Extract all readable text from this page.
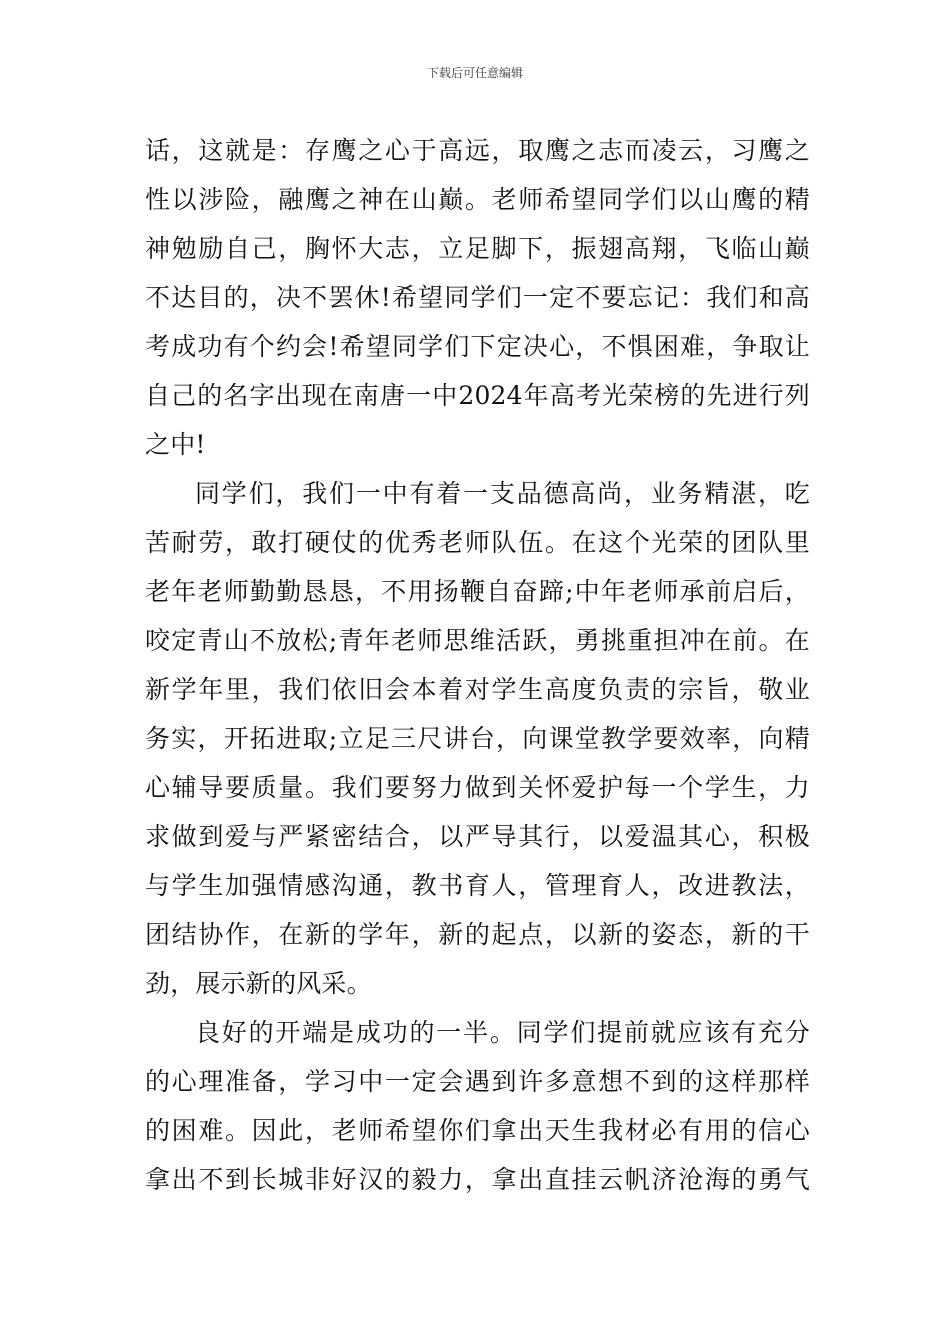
下载后可任意编辑
话，这就是：存鹰之心于高远，取鹰之志而凌云，习鹰之
性以涉险，融鹰之神在山巅。老师希望同学们以山鹰的精
神勉励自己，胸怀大志，立足脚下，振翅高翔，飞临山巅
不达目的，决不罢休!希望同学们一定不要忘记：我们和高
考成功有个约会!希望同学们下定决心，不惧困难，争取让
自己的名字出现在南唐一中2024年高考光荣榜的先进行列
之中!
同学们，我们一中有着一支品德高尚，业务精湛，吃
苦耐劳，敢打硬仗的优秀老师队伍。在这个光荣的团队里
老年老师勤勤恳恳，不用扬鞭自奋蹄;中年老师承前启后，
咬定青山不放松;青年老师思维活跃，勇挑重担冲在前。在
新学年里，我们依旧会本着对学生高度负责的宗旨，敬业
务实，开拓进取;立足三尺讲台，向课堂教学要效率，向精
心辅导要质量。我们要努力做到关怀爱护每一个学生，力
求做到爱与严紧密结合，以严导其行，以爱温其心，积极
与学生加强情感沟通，教书育人，管理育人，改进教法，
团结协作，在新的学年，新的起点，以新的姿态，新的干
劲，展示新的风采。
良好的开端是成功的一半。同学们提前就应该有充分
的心理准备，学习中一定会遇到许多意想不到的这样那样
的困难。因此，老师希望你们拿出天生我材必有用的信心
拿出不到长城非好汉的毅力，拿出直挂云帆济沧海的勇气
